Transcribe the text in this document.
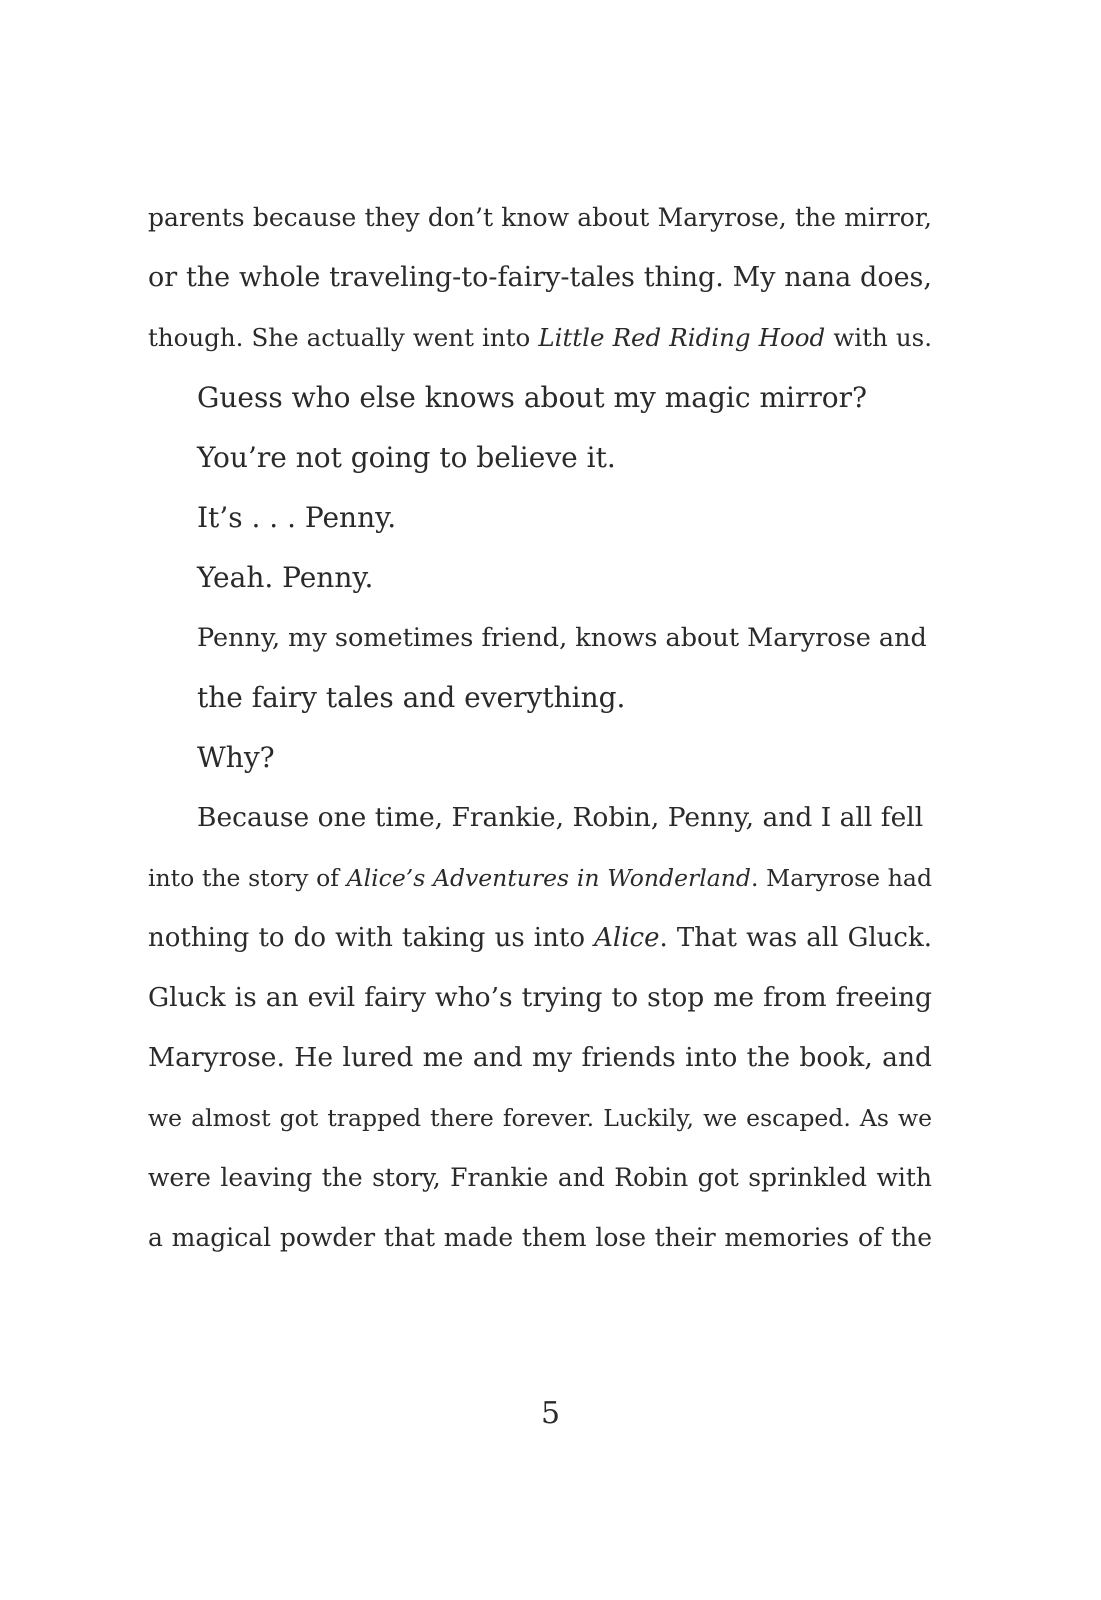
parents because they don’t know about Maryrose, the mirror,
or the whole traveling-to-fairy-tales thing. My nana does,
though. She actually went into Little Red Riding Hood with us.
Guess who else knows about my magic mirror?
You’re not going to believe it.
It’s . . . Penny.
Yeah. Penny.
Penny, my sometimes friend, knows about Maryrose and
the fairy tales and everything.
Why?
Because one time, Frankie, Robin, Penny, and I all fell
into the story of Alice’s Adventures in Wonderland. Maryrose had
nothing to do with taking us into Alice. That was all Gluck.
Gluck is an evil fairy who’s trying to stop me from freeing
Maryrose. He lured me and my friends into the book, and
we almost got trapped there forever. Luckily, we escaped. As we
were leaving the story, Frankie and Robin got sprinkled with
a magical powder that made them lose their memories of the
5
